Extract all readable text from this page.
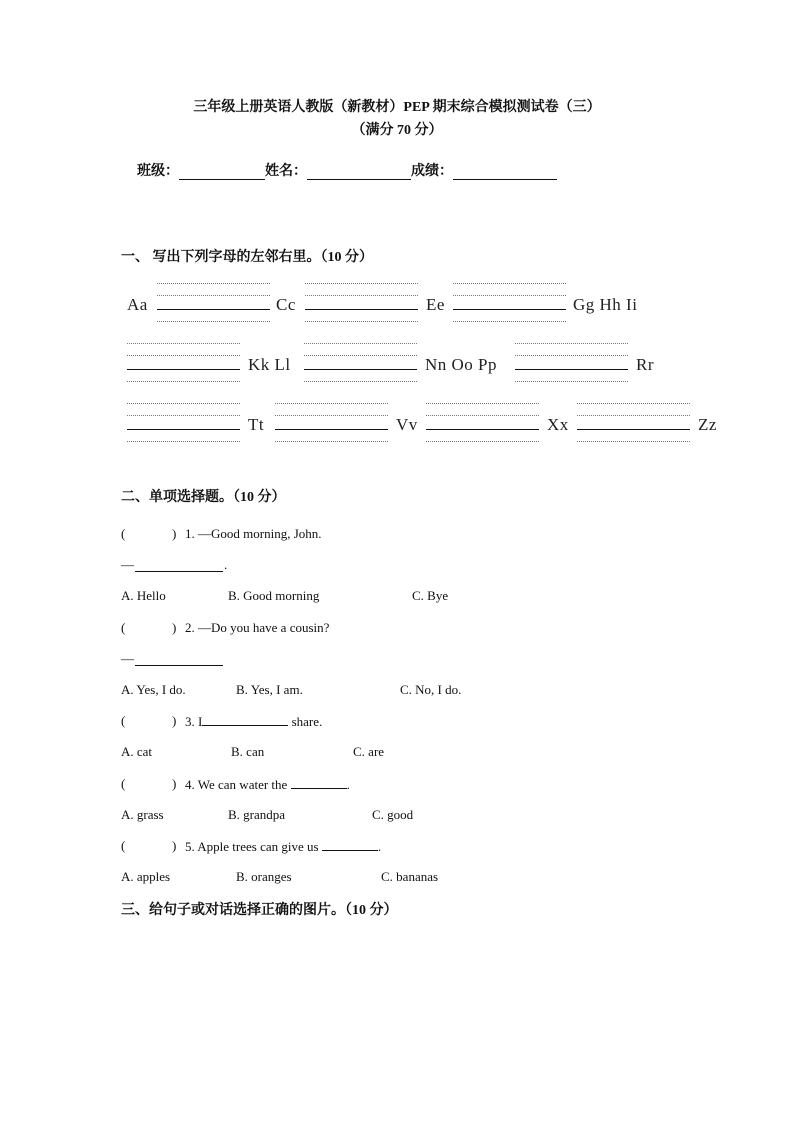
三年级上册英语人教版（新教材）PEP 期末综合模拟测试卷（三）
（满分 70 分）
班级：	姓名：	成绩：
一、 写出下列字母的左邻右里。（10 分）
Aa	Cc	Ee	Gg Hh Ii
Kk Ll	Nn Oo Pp	Rr
Tt	Vv	Xx	Zz
二、单项选择题。（10 分）
(	) 1. —Good morning, John.
—	.
A. Hello	B. Good morning	C. Bye
(	) 2. —Do you have a cousin?
—
A. Yes, I do.	B. Yes, I am.	C. No, I do.
(	) 3. I	share.
A. cat	B. can	C. are
(	) 4. We can water the	.
A. grass	B. grandpa	C. good
(	) 5. Apple trees can give us	.
A. apples	B. oranges	C. bananas
三、给句子或对话选择正确的图片。（10 分）
